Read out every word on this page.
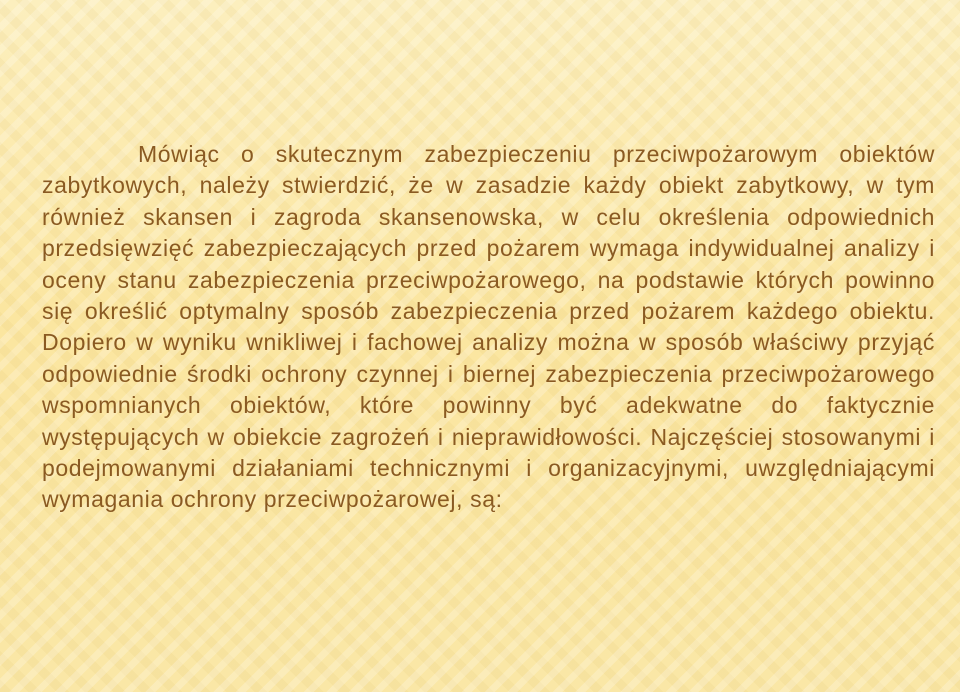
Mówiąc o skutecznym zabezpieczeniu przeciwpożarowym obiektów zabytkowych, należy stwierdzić, że w zasadzie każdy obiekt zabytkowy, w tym również skansen i zagroda skansenowska, w celu określenia odpowiednich przedsięwzięć zabezpieczających przed pożarem wymaga indywidualnej analizy i oceny stanu zabezpieczenia przeciwpożarowego, na podstawie których powinno się określić optymalny sposób zabezpieczenia przed pożarem każdego obiektu. Dopiero w wyniku wnikliwej i fachowej analizy można w sposób właściwy przyjąć odpowiednie środki ochrony czynnej i biernej zabezpieczenia przeciwpożarowego wspomnianych obiektów, które powinny być adekwatne do faktycznie występujących w obiekcie zagrożeń i nieprawidłowości. Najczęściej stosowanymi i podejmowanymi działaniami technicznymi i organizacyjnymi, uwzględniającymi wymagania ochrony przeciwpożarowej, są:
